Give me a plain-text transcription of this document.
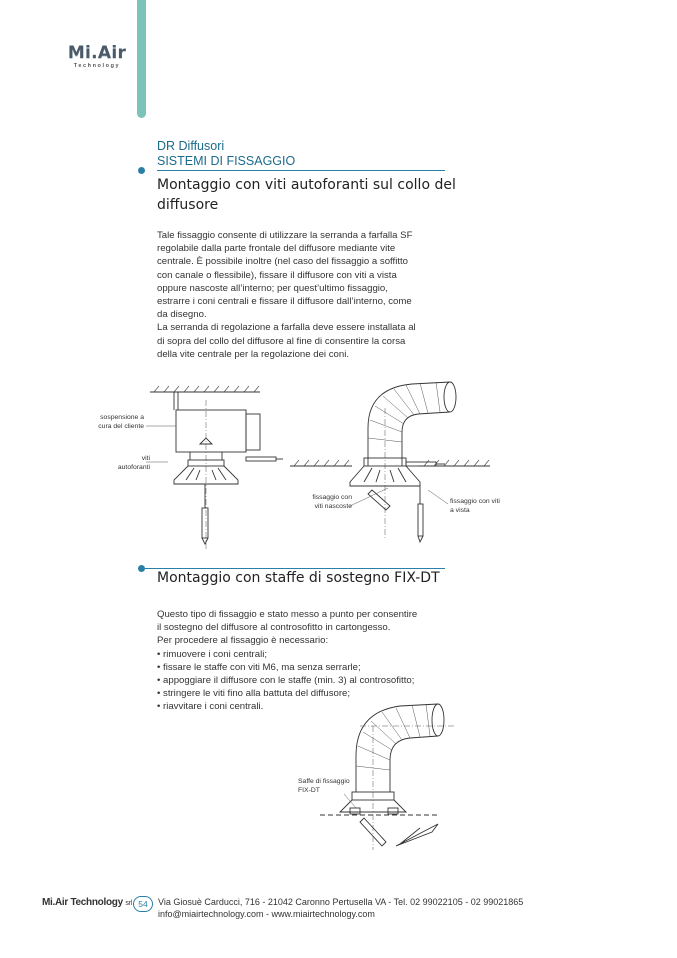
Mi.Air
Technology
DR Diffusori
SISTEMI DI FISSAGGIO
Montaggio con viti autoforanti sul collo del
diffusore
Tale fissaggio consente di utilizzare la serranda a farfalla SF
regolabile dalla parte frontale del diffusore mediante vite
centrale. È possibile inoltre (nel caso del fissaggio a soffitto
con canale o flessibile), fissare il diffusore con viti a vista
oppure nascoste all’interno; per quest’ultimo fissaggio,
estrarre i coni centrali e fissare il diffusore dall’interno, come
da disegno.
La serranda di regolazione a farfalla deve essere installata al
di sopra del collo del diffusore al fine di consentire la corsa
della vite centrale per la regolazione dei coni.
sospensione a
cura del cliente
viti
autoforanti
fissaggio con
viti nascoste
fissaggio con viti
a vista
Montaggio con staffe di sostegno FIX-DT
Questo tipo di fissaggio e stato messo a punto per consentire
il sostegno del diffusore al controsofitto in cartongesso.
Per procedere al fissaggio è necessario:
• rimuovere i coni centrali;
• fissare le staffe con viti M6, ma senza serrarle;
• appoggiare il diffusore con le staffe (min. 3) al controsofitto;
• stringere le viti fino alla battuta del diffusore;
• riavvitare i coni centrali.
Saffe di fissaggio
FIX-DT
Mi.Air Technology srl 54	Via Giosuè Carducci, 716 - 21042 Caronno Pertusella VA - Tel. 02 99022105 - 02 99021865
info@miairtechnology.com - www.miairtechnology.com
